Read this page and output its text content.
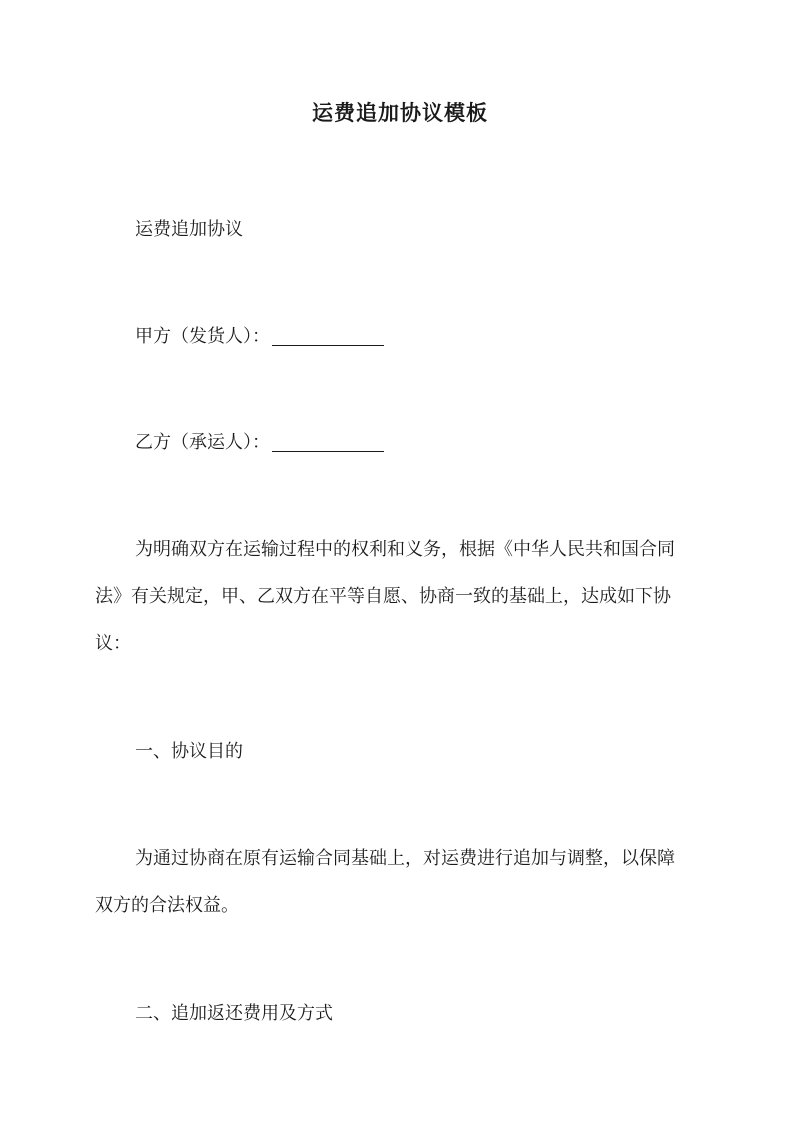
运费追加协议模板
运费追加协议
甲方（发货人）：
乙方（承运人）：
为明确双方在运输过程中的权利和义务，根据《中华人民共和国合同
法》有关规定，甲、乙双方在平等自愿、协商一致的基础上，达成如下协
议：
一、协议目的
为通过协商在原有运输合同基础上，对运费进行追加与调整，以保障
双方的合法权益。
二、追加返还费用及方式
